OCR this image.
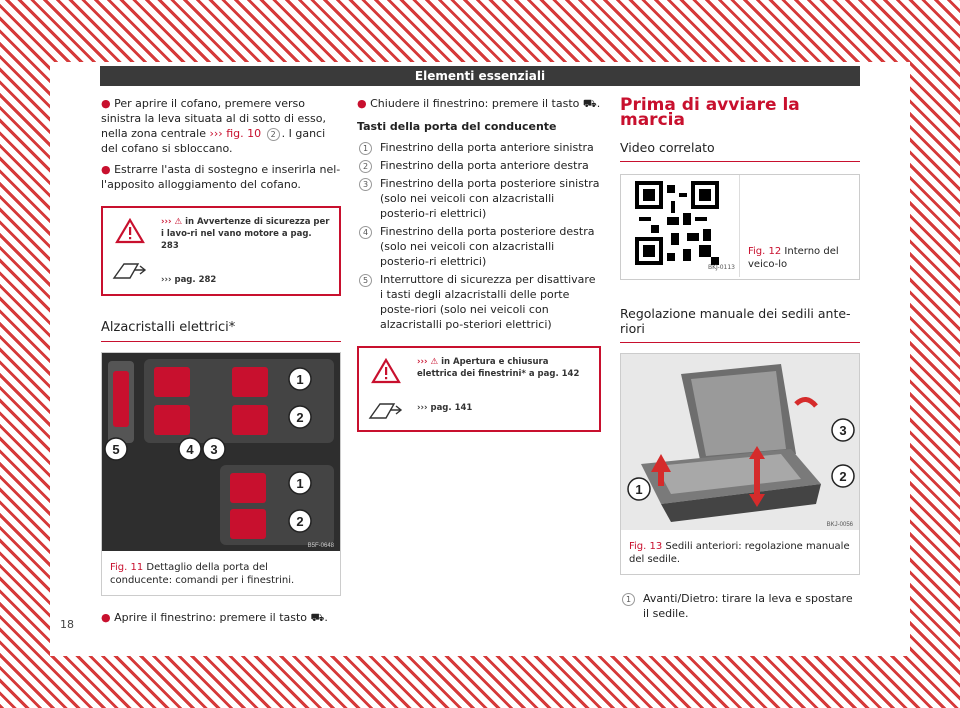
Elementi essenziali

● Per aprire il cofano, premere verso sinistra la leva situata al di sotto di esso, nella zona centrale ››› fig. 10 2 . I ganci del cofano si sbloccano.

● Estrarre l'asta di sostegno e inserirla nel-l'apposito alloggiamento del cofano.

››› ⚠ in Avvertenze di sicurezza per i lavo-ri nel vano motore a pag. 283
››› pag. 282
Alzacristalli elettrici*
1
2
1
2
3
4
5
B5F-0648
Fig. 11 Dettaglio della porta del conducente: comandi per i finestrini.

● Aprire il finestrino: premere il tasto ⛟.

● Chiudere il finestrino: premere il tasto ⛟.

Tasti della porta del conducente

1	Finestrino della porta anteriore sinistra
2	Finestrino della porta anteriore destra
3	Finestrino della porta posteriore sinistra (solo nei veicoli con alzacristalli posterio-ri elettrici)
4	Finestrino della porta posteriore destra (solo nei veicoli con alzacristalli posterio-ri elettrici)
5	Interruttore di sicurezza per disattivare i tasti degli alzacristalli delle porte poste-riori (solo nei veicoli con alzacristalli po-steriori elettrici)
››› ⚠ in Apertura e chiusura elettrica dei finestrini* a pag. 142
››› pag. 141
Prima di avviare la marcia
Video correlato
BKJ-0113
Fig. 12 Interno del veico-lo
Regolazione manuale dei sedili ante-riori
1
2
3
BKJ-0056
Fig. 13 Sedili anteriori: regolazione manuale del sedile.
1	Avanti/Dietro: tirare la leva e spostare il sedile.
18
